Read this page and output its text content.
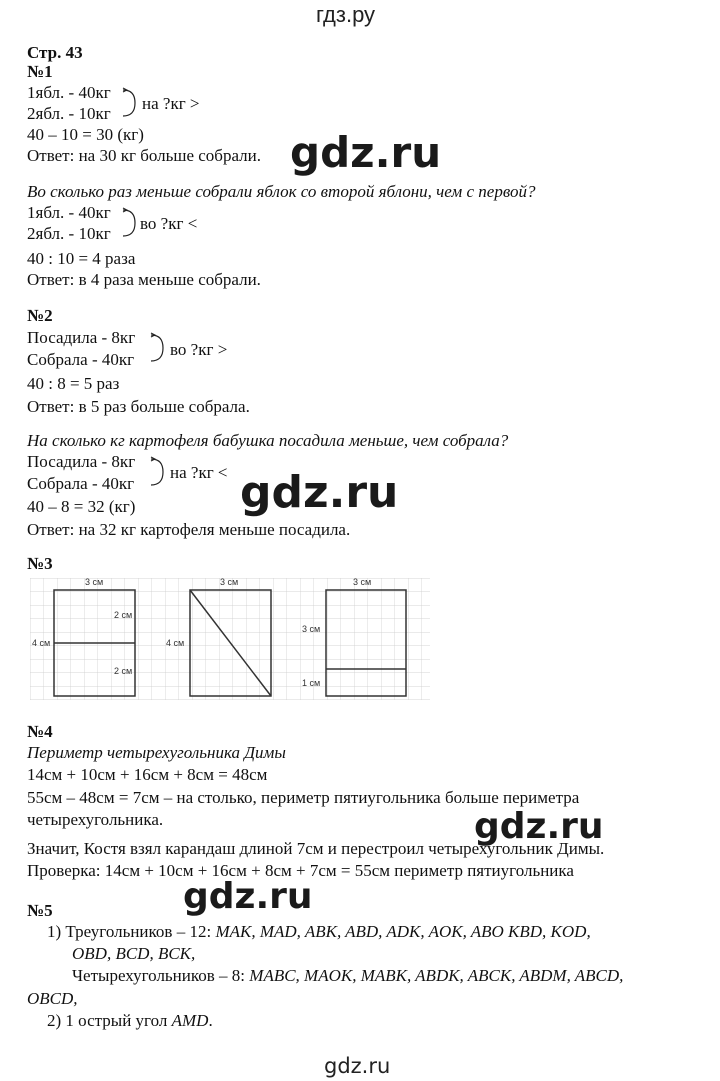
гдз.ру
Стр. 43
№1
1ябл. - 40кг
2ябл. - 10кг
на ?кг >
40 – 10 = 30 (кг)
Ответ: на 30 кг больше собрали. gdz.ru
Во сколько раз меньше собрали яблок со второй яблони, чем с первой?
1ябл. - 40кг
2ябл. - 10кг
во ?кг <
40 : 10 = 4 раза
Ответ: в 4 раза меньше собрали.
№2
Посадила - 8кг
Собрала - 40кг
во ?кг >
40 : 8 = 5 раз
Ответ: в 5 раз больше собрала.
На сколько кг картофеля бабушка посадила меньше, чем собрала?
Посадила - 8кг
Собрала - 40кг
на ?кг <
40 – 8 = 32 (кг)
Ответ: на 32 кг картофеля меньше посадила.
gdz.ru
№3
3 см
2 см
4 см
2 см
3 см
4 см
3 см
3 см
1 см
№4
Периметр четырехугольника Димы
14см + 10см + 16см + 8см = 48см
55см – 48см = 7см – на столько, периметр пятиугольника больше периметра
четырехугольника.	gdz.ru
Значит, Костя взял карандаш длиной 7см и перестроил четырехугольник Димы.
Проверка: 14см + 10см + 16см + 8см + 7см = 55см периметр пятиугольника
gdz.ru
№5
1) Треугольников – 12: MAK, MAD, ABK, ABD, ADK, AOK, ABO KBD, KOD,
OBD, BCD, BCK,
Четырехугольников – 8: MABC, MAOK, MABK, ABDK, ABCK, ABDM, ABCD,
OBCD,
2) 1 острый угол AMD.
gdz.ru
